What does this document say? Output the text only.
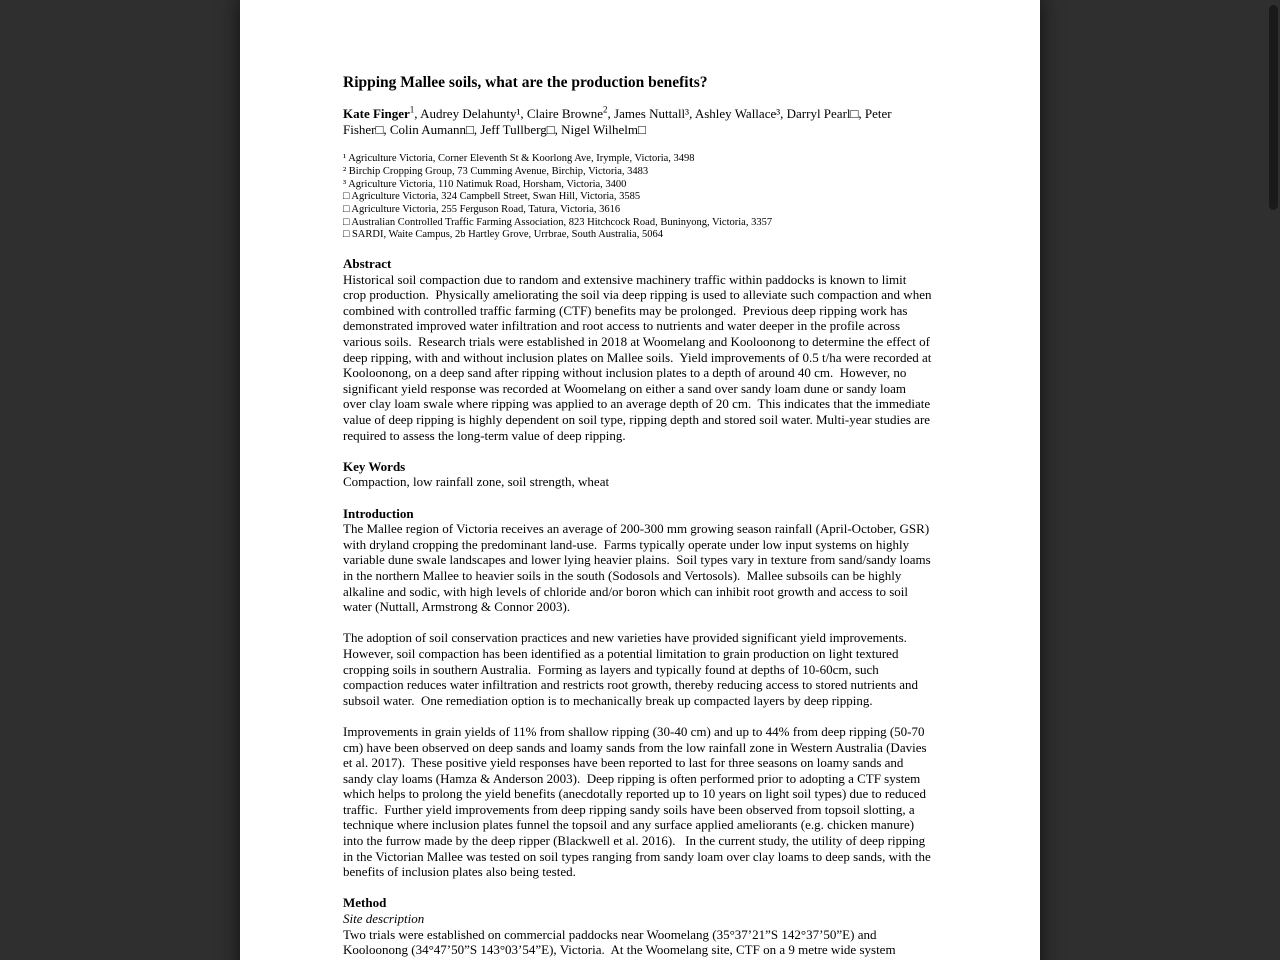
Ripping Mallee soils, what are the production benefits?
Kate Finger$^1$, Audrey Delahunty¹, Claire Browne$^2$, James Nuttall³, Ashley Wallace³, Darryl Pearl□, Peter Fisher□, Colin Aumann□, Jeff Tullberg□, Nigel Wilhelm□
¹ Agriculture Victoria, Corner Eleventh St & Koorlong Ave, Irymple, Victoria, 3498
² Birchip Cropping Group, 73 Cumming Avenue, Birchip, Victoria, 3483
³ Agriculture Victoria, 110 Natimuk Road, Horsham, Victoria, 3400
□ Agriculture Victoria, 324 Campbell Street, Swan Hill, Victoria, 3585
□ Agriculture Victoria, 255 Ferguson Road, Tatura, Victoria, 3616
□ Australian Controlled Traffic Farming Association, 823 Hitchcock Road, Buninyong, Victoria, 3357
□ SARDI, Waite Campus, 2b Hartley Grove, Urrbrae, South Australia, 5064
Abstract

Historical soil compaction due to random and extensive machinery traffic within paddocks is known to limit crop production.  Physically ameliorating the soil via deep ripping is used to alleviate such compaction and when combined with controlled traffic farming (CTF) benefits may be prolonged.  Previous deep ripping work has demonstrated improved water infiltration and root access to nutrients and water deeper in the profile across various soils.  Research trials were established in 2018 at Woomelang and Kooloonong to determine the effect of deep ripping, with and without inclusion plates on Mallee soils.  Yield improvements of 0.5 t/ha were recorded at Kooloonong, on a deep sand after ripping without inclusion plates to a depth of around 40 cm.  However, no significant yield response was recorded at Woomelang on either a sand over sandy loam dune or sandy loam over clay loam swale where ripping was applied to an average depth of 20 cm.  This indicates that the immediate value of deep ripping is highly dependent on soil type, ripping depth and stored soil water. Multi-year studies are required to assess the long-term value of deep ripping.

Key Words

Compaction, low rainfall zone, soil strength, wheat

Introduction

The Mallee region of Victoria receives an average of 200-300 mm growing season rainfall (April-October, GSR) with dryland cropping the predominant land-use.  Farms typically operate under low input systems on highly variable dune swale landscapes and lower lying heavier plains.  Soil types vary in texture from sand/sandy loams in the northern Mallee to heavier soils in the south (Sodosols and Vertosols).  Mallee subsoils can be highly alkaline and sodic, with high levels of chloride and/or boron which can inhibit root growth and access to soil water (Nuttall, Armstrong & Connor 2003).

The adoption of soil conservation practices and new varieties have provided significant yield improvements.  However, soil compaction has been identified as a potential limitation to grain production on light textured cropping soils in southern Australia.  Forming as layers and typically found at depths of 10-60cm, such compaction reduces water infiltration and restricts root growth, thereby reducing access to stored nutrients and subsoil water.  One remediation option is to mechanically break up compacted layers by deep ripping.

Improvements in grain yields of 11% from shallow ripping (30-40 cm) and up to 44% from deep ripping (50-70 cm) have been observed on deep sands and loamy sands from the low rainfall zone in Western Australia (Davies et al. 2017).  These positive yield responses have been reported to last for three seasons on loamy sands and sandy clay loams (Hamza & Anderson 2003).  Deep ripping is often performed prior to adopting a CTF system which helps to prolong the yield benefits (anecdotally reported up to 10 years on light soil types) due to reduced traffic.  Further yield improvements from deep ripping sandy soils have been observed from topsoil slotting, a technique where inclusion plates funnel the topsoil and any surface applied ameliorants (e.g. chicken manure) into the furrow made by the deep ripper (Blackwell et al. 2016).   In the current study, the utility of deep ripping in the Victorian Mallee was tested on soil types ranging from sandy loam over clay loams to deep sands, with the benefits of inclusion plates also being tested.

Method
Site description

Two trials were established on commercial paddocks near Woomelang (35°37’21”S 142°37’50”E) and Kooloonong (34°47’50”S 143°03’54”E), Victoria.  At the Woomelang site, CTF on a 9 metre wide system
